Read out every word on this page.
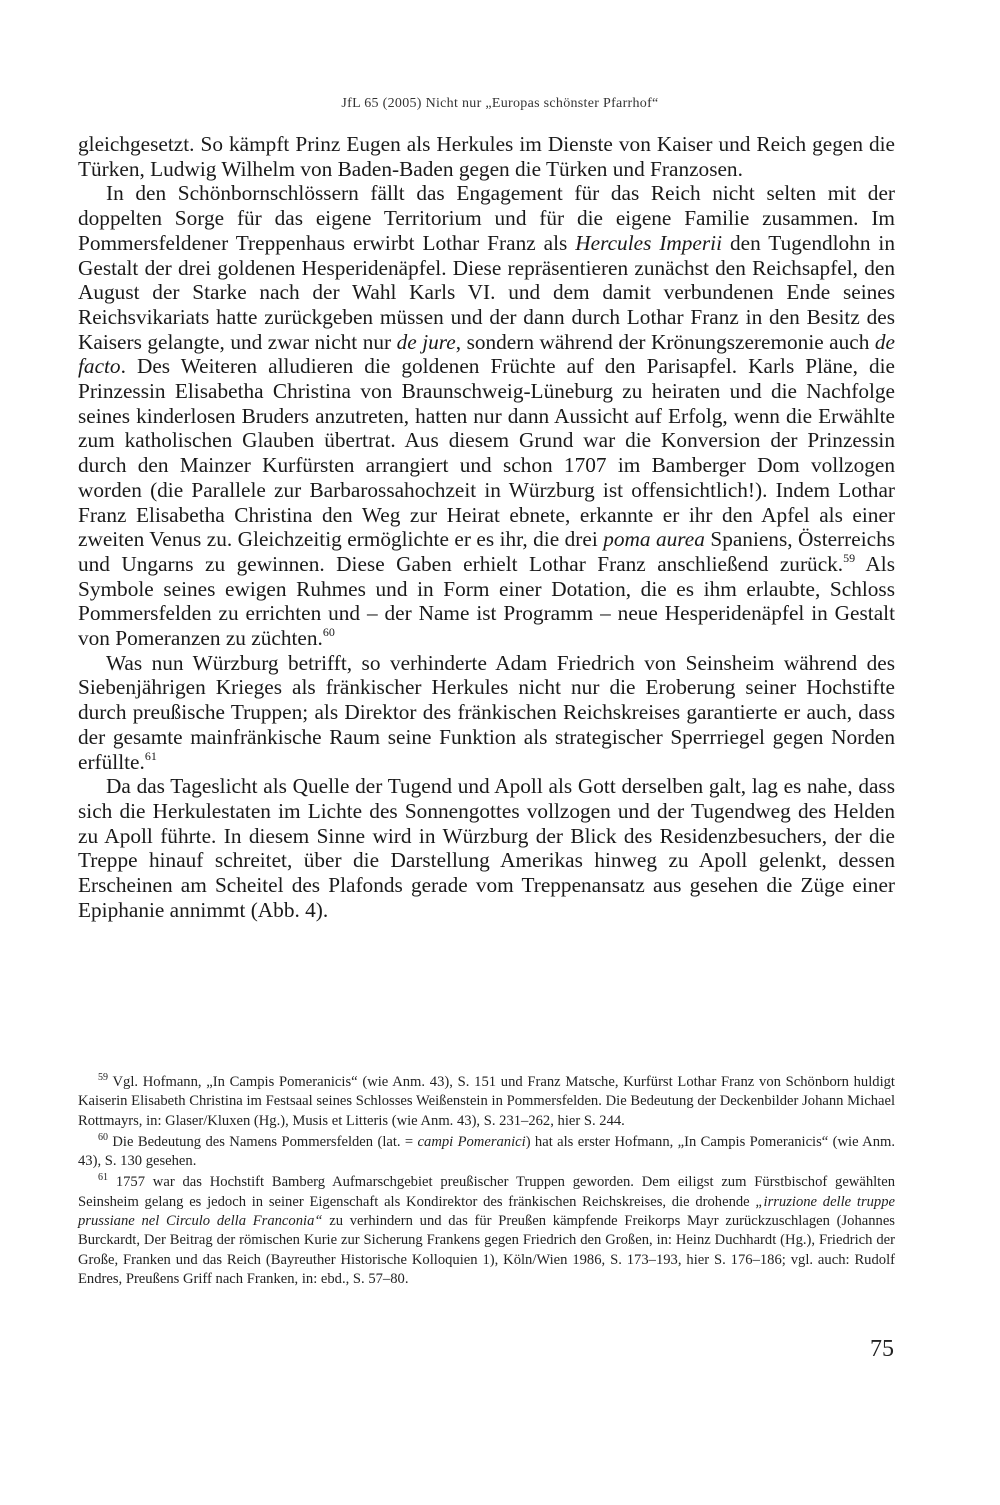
JfL 65 (2005) Nicht nur „Europas schönster Pfarrhof“

gleichgesetzt. So kämpft Prinz Eugen als Herkules im Dienste von Kaiser und Reich gegen die Türken, Ludwig Wilhelm von Baden-Baden gegen die Türken und Franzosen.

In den Schönbornschlössern fällt das Engagement für das Reich nicht selten mit der doppelten Sorge für das eigene Territorium und für die eigene Familie zusammen. Im Pommersfeldener Treppenhaus erwirbt Lothar Franz als Hercules Imperii den Tugendlohn in Gestalt der drei goldenen Hesperidenäpfel. Diese repräsentieren zunächst den Reichsapfel, den August der Starke nach der Wahl Karls VI. und dem damit verbundenen Ende seines Reichsvikariats hatte zurückgeben müssen und der dann durch Lothar Franz in den Besitz des Kaisers gelangte, und zwar nicht nur de jure, sondern während der Krönungszeremonie auch de facto. Des Weiteren alludieren die goldenen Früchte auf den Parisapfel. Karls Pläne, die Prinzessin Elisabetha Christina von Braunschweig-Lüneburg zu heiraten und die Nachfolge seines kinderlosen Bruders anzutreten, hatten nur dann Aussicht auf Erfolg, wenn die Erwählte zum katholischen Glauben übertrat. Aus diesem Grund war die Konversion der Prinzessin durch den Mainzer Kurfürsten arrangiert und schon 1707 im Bamberger Dom vollzogen worden (die Parallele zur Barbarossahochzeit in Würzburg ist offensichtlich!). Indem Lothar Franz Elisabetha Christina den Weg zur Heirat ebnete, erkannte er ihr den Apfel als einer zweiten Venus zu. Gleichzeitig ermöglichte er es ihr, die drei poma aurea Spaniens, Österreichs und Ungarns zu gewinnen. Diese Gaben erhielt Lothar Franz anschließend zurück.$^{59}$ Als Symbole seines ewigen Ruhmes und in Form einer Dotation, die es ihm erlaubte, Schloss Pommersfelden zu errichten und – der Name ist Programm – neue Hesperidenäpfel in Gestalt von Pomeranzen zu züchten.$^{60}$

Was nun Würzburg betrifft, so verhinderte Adam Friedrich von Seinsheim während des Siebenjährigen Krieges als fränkischer Herkules nicht nur die Eroberung seiner Hochstifte durch preußische Truppen; als Direktor des fränkischen Reichskreises garantierte er auch, dass der gesamte mainfränkische Raum seine Funktion als strategischer Sperrriegel gegen Norden erfüllte.$^{61}$

Da das Tageslicht als Quelle der Tugend und Apoll als Gott derselben galt, lag es nahe, dass sich die Herkulestaten im Lichte des Sonnengottes vollzogen und der Tugendweg des Helden zu Apoll führte. In diesem Sinne wird in Würzburg der Blick des Residenzbesuchers, der die Treppe hinauf schreitet, über die Darstellung Amerikas hinweg zu Apoll gelenkt, dessen Erscheinen am Scheitel des Plafonds gerade vom Treppenansatz aus gesehen die Züge einer Epiphanie annimmt (Abb. 4).

$^{59}$ Vgl. Hofmann, „In Campis Pomeranicis“ (wie Anm. 43), S. 151 und Franz Matsche, Kurfürst Lothar Franz von Schönborn huldigt Kaiserin Elisabeth Christina im Festsaal seines Schlosses Weißenstein in Pommersfelden. Die Bedeutung der Deckenbilder Johann Michael Rottmayrs, in: Glaser/Kluxen (Hg.), Musis et Litteris (wie Anm. 43), S. 231–262, hier S. 244.

$^{60}$ Die Bedeutung des Namens Pommersfelden (lat. = campi Pomeranici) hat als erster Hofmann, „In Campis Pomeranicis“ (wie Anm. 43), S. 130 gesehen.

$^{61}$ 1757 war das Hochstift Bamberg Aufmarschgebiet preußischer Truppen geworden. Dem eiligst zum Fürstbischof gewählten Seinsheim gelang es jedoch in seiner Eigenschaft als Kondirektor des fränkischen Reichskreises, die drohende „irruzione delle truppe prussiane nel Circulo della Franconia“ zu verhindern und das für Preußen kämpfende Freikorps Mayr zurückzuschlagen (Johannes Burckardt, Der Beitrag der römischen Kurie zur Sicherung Frankens gegen Friedrich den Großen, in: Heinz Duchhardt (Hg.), Friedrich der Große, Franken und das Reich (Bayreuther Historische Kolloquien 1), Köln/Wien 1986, S. 173–193, hier S. 176–186; vgl. auch: Rudolf Endres, Preußens Griff nach Franken, in: ebd., S. 57–80.

75
